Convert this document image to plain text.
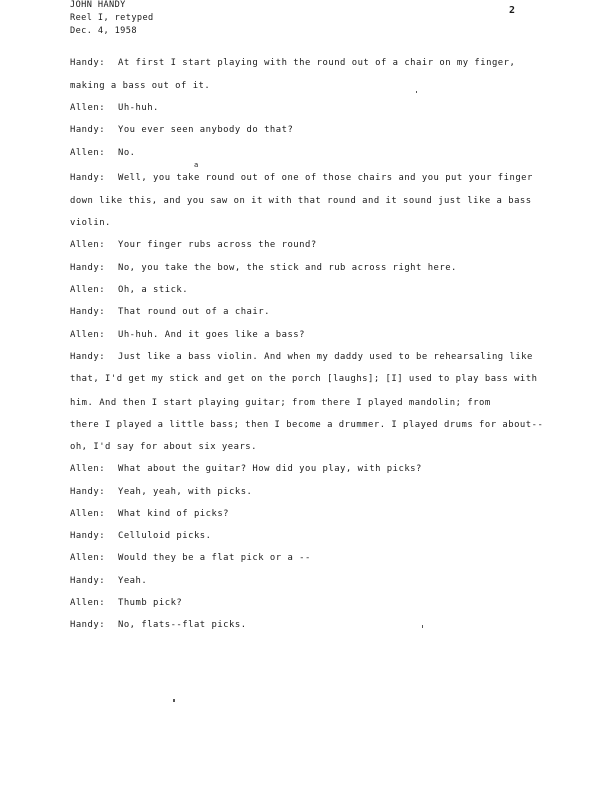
JOHN HANDY
Reel I, retyped
Dec. 4, 1958
2
a
Handy: At first I start playing with the round out of a chair on my finger,
making a bass out of it.
Allen: Uh-huh.
Handy: You ever seen anybody do that?
Allen: No.
Handy: Well, you take round out of one of those chairs and you put your finger
down like this, and you saw on it with that round and it sound just like a bass
violin.
Allen: Your finger rubs across the round?
Handy: No, you take the bow, the stick and rub across right here.
Allen: Oh, a stick.
Handy: That round out of a chair.
Allen: Uh-huh. And it goes like a bass?
Handy: Just like a bass violin. And when my daddy used to be rehearsaling like
that, I'd get my stick and get on the porch [laughs]; [I] used to play bass with
him. And then I start playing guitar; from there I played mandolin; from
there I played a little bass; then I become a drummer. I played drums for about--
oh, I'd say for about six years.
Allen: What about the guitar? How did you play, with picks?
Handy: Yeah, yeah, with picks.
Allen: What kind of picks?
Handy: Celluloid picks.
Allen: Would they be a flat pick or a --
Handy: Yeah.
Allen: Thumb pick?
Handy: No, flats--flat picks.
